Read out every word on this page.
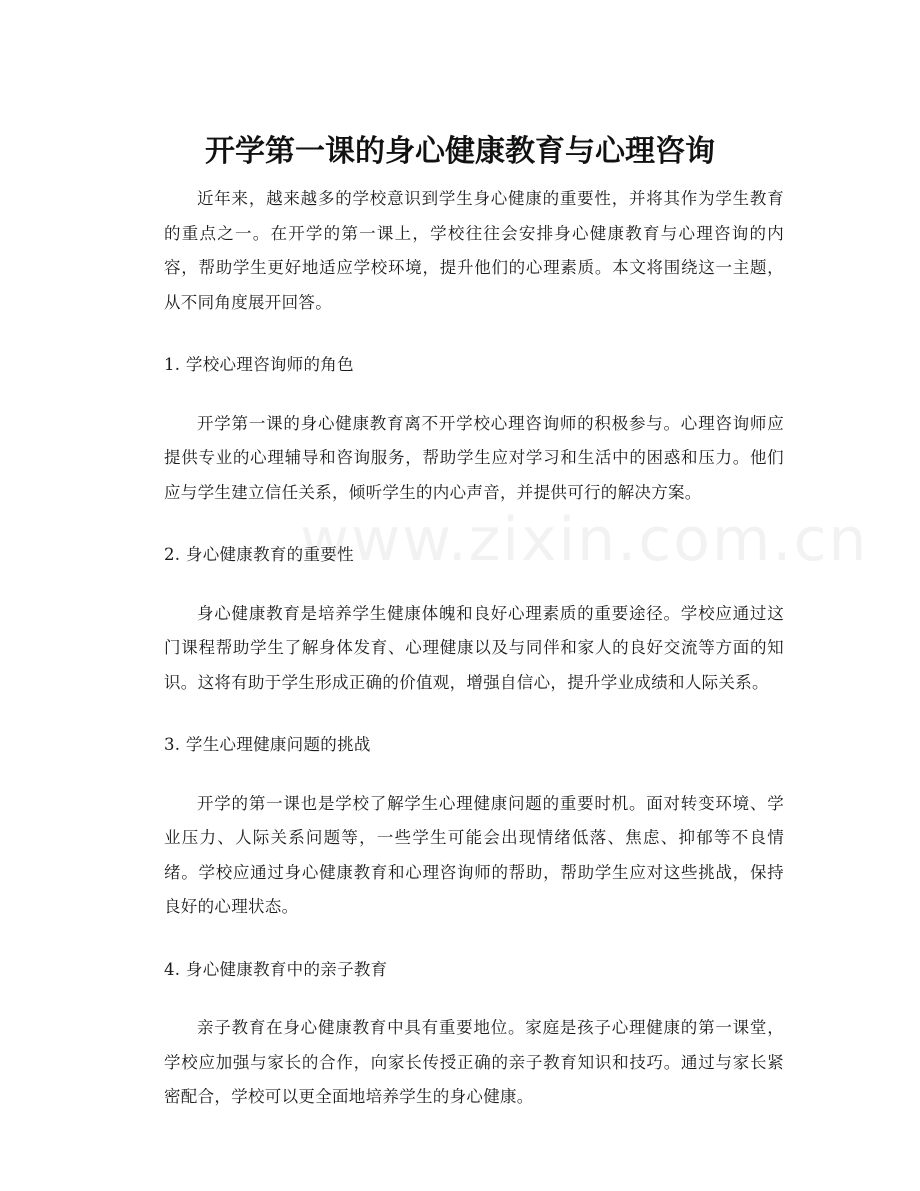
www.zixin.com.cn
开学第一课的身心健康教育与心理咨询

近年来，越来越多的学校意识到学生身心健康的重要性，并将其作为学生教育的重点之一。在开学的第一课上，学校往往会安排身心健康教育与心理咨询的内容，帮助学生更好地适应学校环境，提升他们的心理素质。本文将围绕这一主题，从不同角度展开回答。

1. 学校心理咨询师的角色

开学第一课的身心健康教育离不开学校心理咨询师的积极参与。心理咨询师应提供专业的心理辅导和咨询服务，帮助学生应对学习和生活中的困惑和压力。他们应与学生建立信任关系，倾听学生的内心声音，并提供可行的解决方案。

2. 身心健康教育的重要性

身心健康教育是培养学生健康体魄和良好心理素质的重要途径。学校应通过这门课程帮助学生了解身体发育、心理健康以及与同伴和家人的良好交流等方面的知识。这将有助于学生形成正确的价值观，增强自信心，提升学业成绩和人际关系。

3. 学生心理健康问题的挑战

开学的第一课也是学校了解学生心理健康问题的重要时机。面对转变环境、学业压力、人际关系问题等，一些学生可能会出现情绪低落、焦虑、抑郁等不良情绪。学校应通过身心健康教育和心理咨询师的帮助，帮助学生应对这些挑战，保持良好的心理状态。

4. 身心健康教育中的亲子教育

亲子教育在身心健康教育中具有重要地位。家庭是孩子心理健康的第一课堂，学校应加强与家长的合作，向家长传授正确的亲子教育知识和技巧。通过与家长紧密配合，学校可以更全面地培养学生的身心健康。
